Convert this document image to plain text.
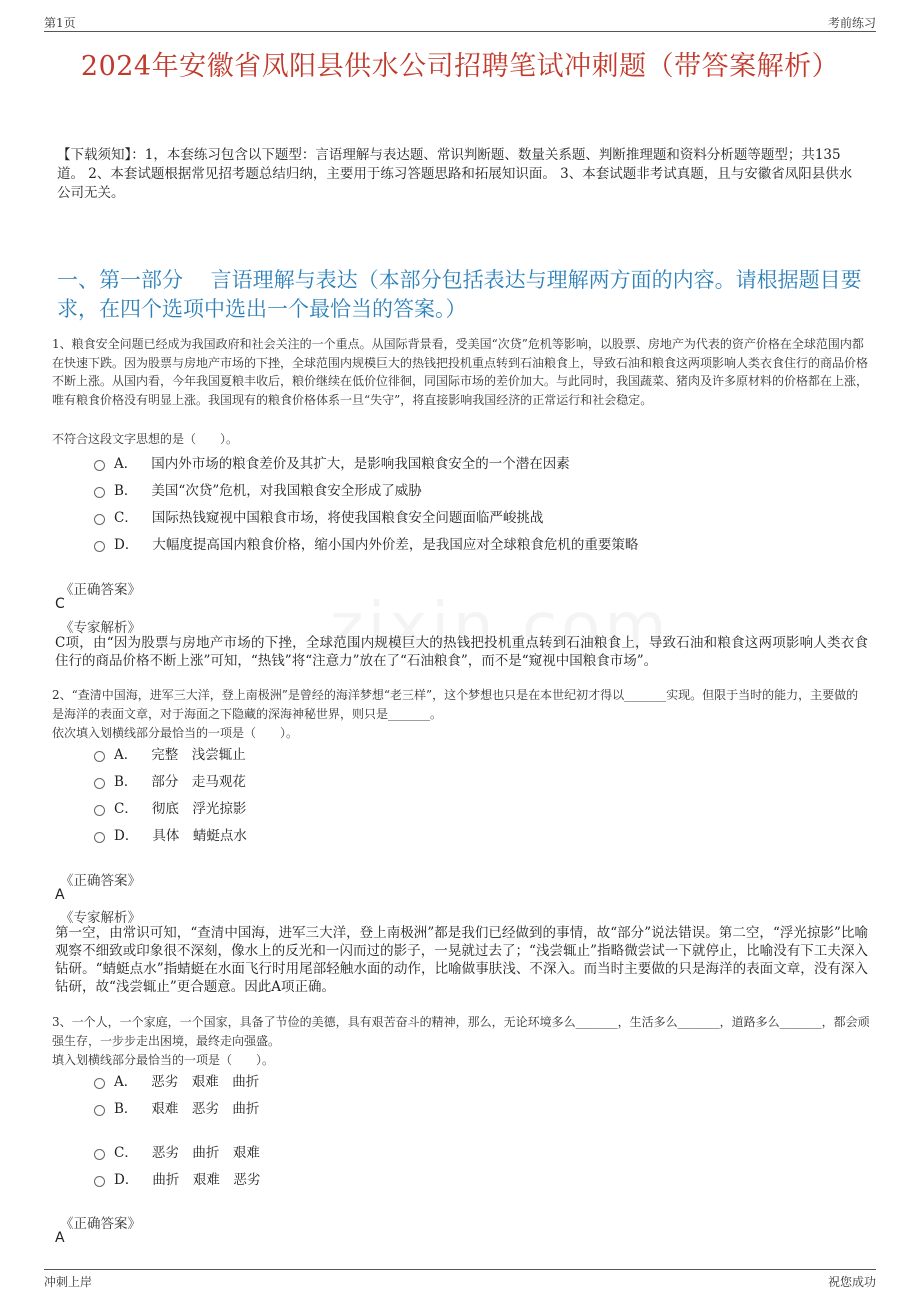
第1页	考前练习
2024年安徽省凤阳县供水公司招聘笔试冲刺题（带答案解析）
【下载须知】：1，本套练习包含以下题型：言语理解与表达题、常识判断题、数量关系题、判断推理题和资料分析题等题型；共135道。 2、本套试题根据常见招考题总结归纳，主要用于练习答题思路和拓展知识面。 3、本套试题非考试真题，且与安徽省凤阳县供水公司无关。
一、第一部分　 言语理解与表达（本部分包括表达与理解两方面的内容。请根据题目要求，在四个选项中选出一个最恰当的答案。）
1、粮食安全问题已经成为我国政府和社会关注的一个重点。从国际背景看，受美国“次贷”危机等影响，以股票、房地产为代表的资产价格在全球范围内都在快速下跌。因为股票与房地产市场的下挫，全球范围内规模巨大的热钱把投机重点转到石油粮食上，导致石油和粮食这两项影响人类衣食住行的商品价格不断上涨。从国内看，今年我国夏粮丰收后，粮价继续在低价位徘徊，同国际市场的差价加大。与此同时，我国蔬菜、猪肉及许多原材料的价格都在上涨，唯有粮食价格没有明显上涨。我国现有的粮食价格体系一旦“失守”，将直接影响我国经济的正常运行和社会稳定。
不符合这段文字思想的是（　　）。
A． 国内外市场的粮食差价及其扩大，是影响我国粮食安全的一个潜在因素
B． 美国“次贷”危机，对我国粮食安全形成了威胁
C． 国际热钱窥视中国粮食市场，将使我国粮食安全问题面临严峻挑战
D． 大幅度提高国内粮食价格，缩小国内外价差，是我国应对全球粮食危机的重要策略
《正确答案》
C
《专家解析》
C项，由“因为股票与房地产市场的下挫，全球范围内规模巨大的热钱把投机重点转到石油粮食上，导致石油和粮食这两项影响人类衣食住行的商品价格不断上涨”可知，“热钱”将“注意力”放在了“石油粮食”，而不是“窥视中国粮食市场”。
2、“查清中国海，进军三大洋，登上南极洲”是曾经的海洋梦想“老三样”，这个梦想也只是在本世纪初才得以_______实现。但限于当时的能力，主要做的是海洋的表面文章，对于海面之下隐藏的深海神秘世界，则只是_______。
依次填入划横线部分最恰当的一项是（　　）。
A． 完整　浅尝辄止
B． 部分　走马观花
C． 彻底　浮光掠影
D． 具体　蜻蜓点水
《正确答案》
A
《专家解析》
第一空，由常识可知，“查清中国海，进军三大洋，登上南极洲”都是我们已经做到的事情，故“部分”说法错误。第二空，“浮光掠影”比喻观察不细致或印象很不深刻，像水上的反光和一闪而过的影子，一晃就过去了；“浅尝辄止”指略微尝试一下就停止，比喻没有下工夫深入钻研。“蜻蜓点水”指蜻蜓在水面飞行时用尾部轻触水面的动作，比喻做事肤浅、不深入。而当时主要做的只是海洋的表面文章，没有深入钻研，故“浅尝辄止”更合题意。因此A项正确。
3、一个人，一个家庭，一个国家，具备了节俭的美德，具有艰苦奋斗的精神，那么，无论环境多么_______，生活多么_______，道路多么_______，都会顽强生存，一步步走出困境，最终走向强盛。
填入划横线部分最恰当的一项是（　　）。
A． 恶劣　艰难　曲折
B． 艰难　恶劣　曲折
C． 恶劣　曲折　艰难
D． 曲折　艰难　恶劣
《正确答案》
A
冲刺上岸	祝您成功
